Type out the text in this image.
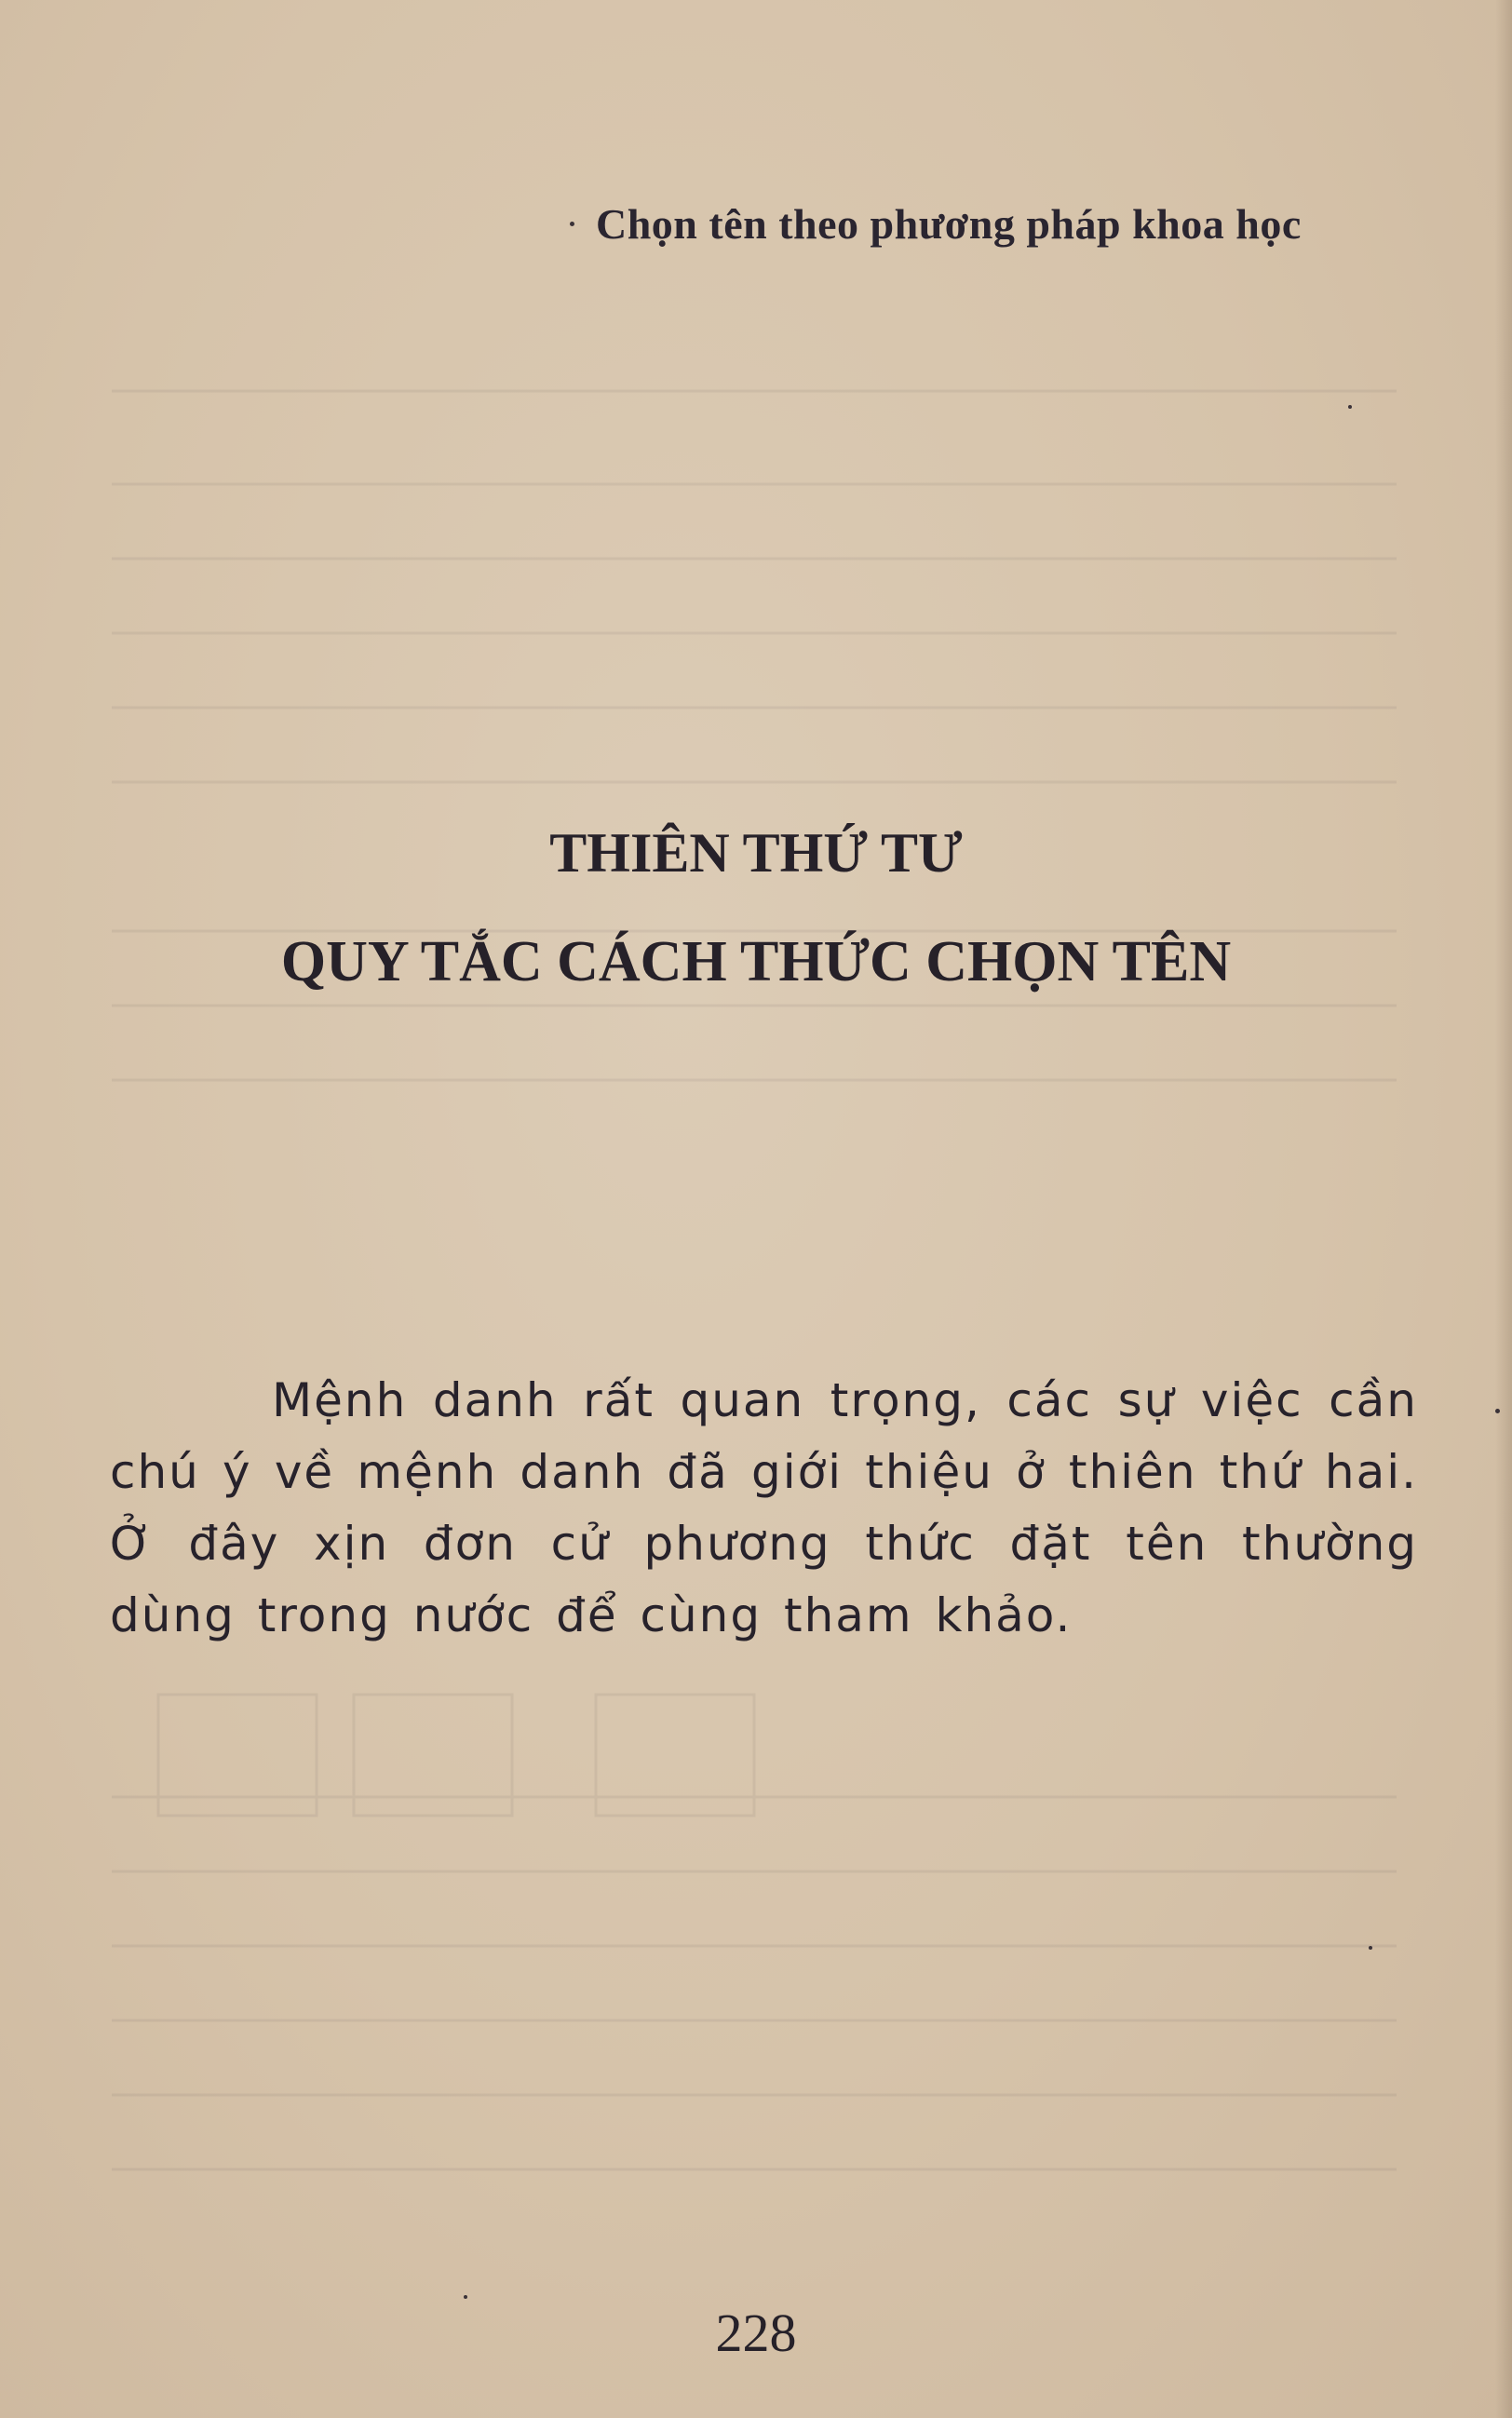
Chọn tên theo phương pháp khoa học
THIÊN THỨ TƯ
QUY TẮC CÁCH THỨC CHỌN TÊN

Mệnh danh rất quan trọng, các sự việc cần chú ý về mệnh danh đã giới thiệu ở thiên thứ hai. Ở đây xịn đơn cử phương thức đặt tên thường dùng trong nước để cùng tham khảo.

228
